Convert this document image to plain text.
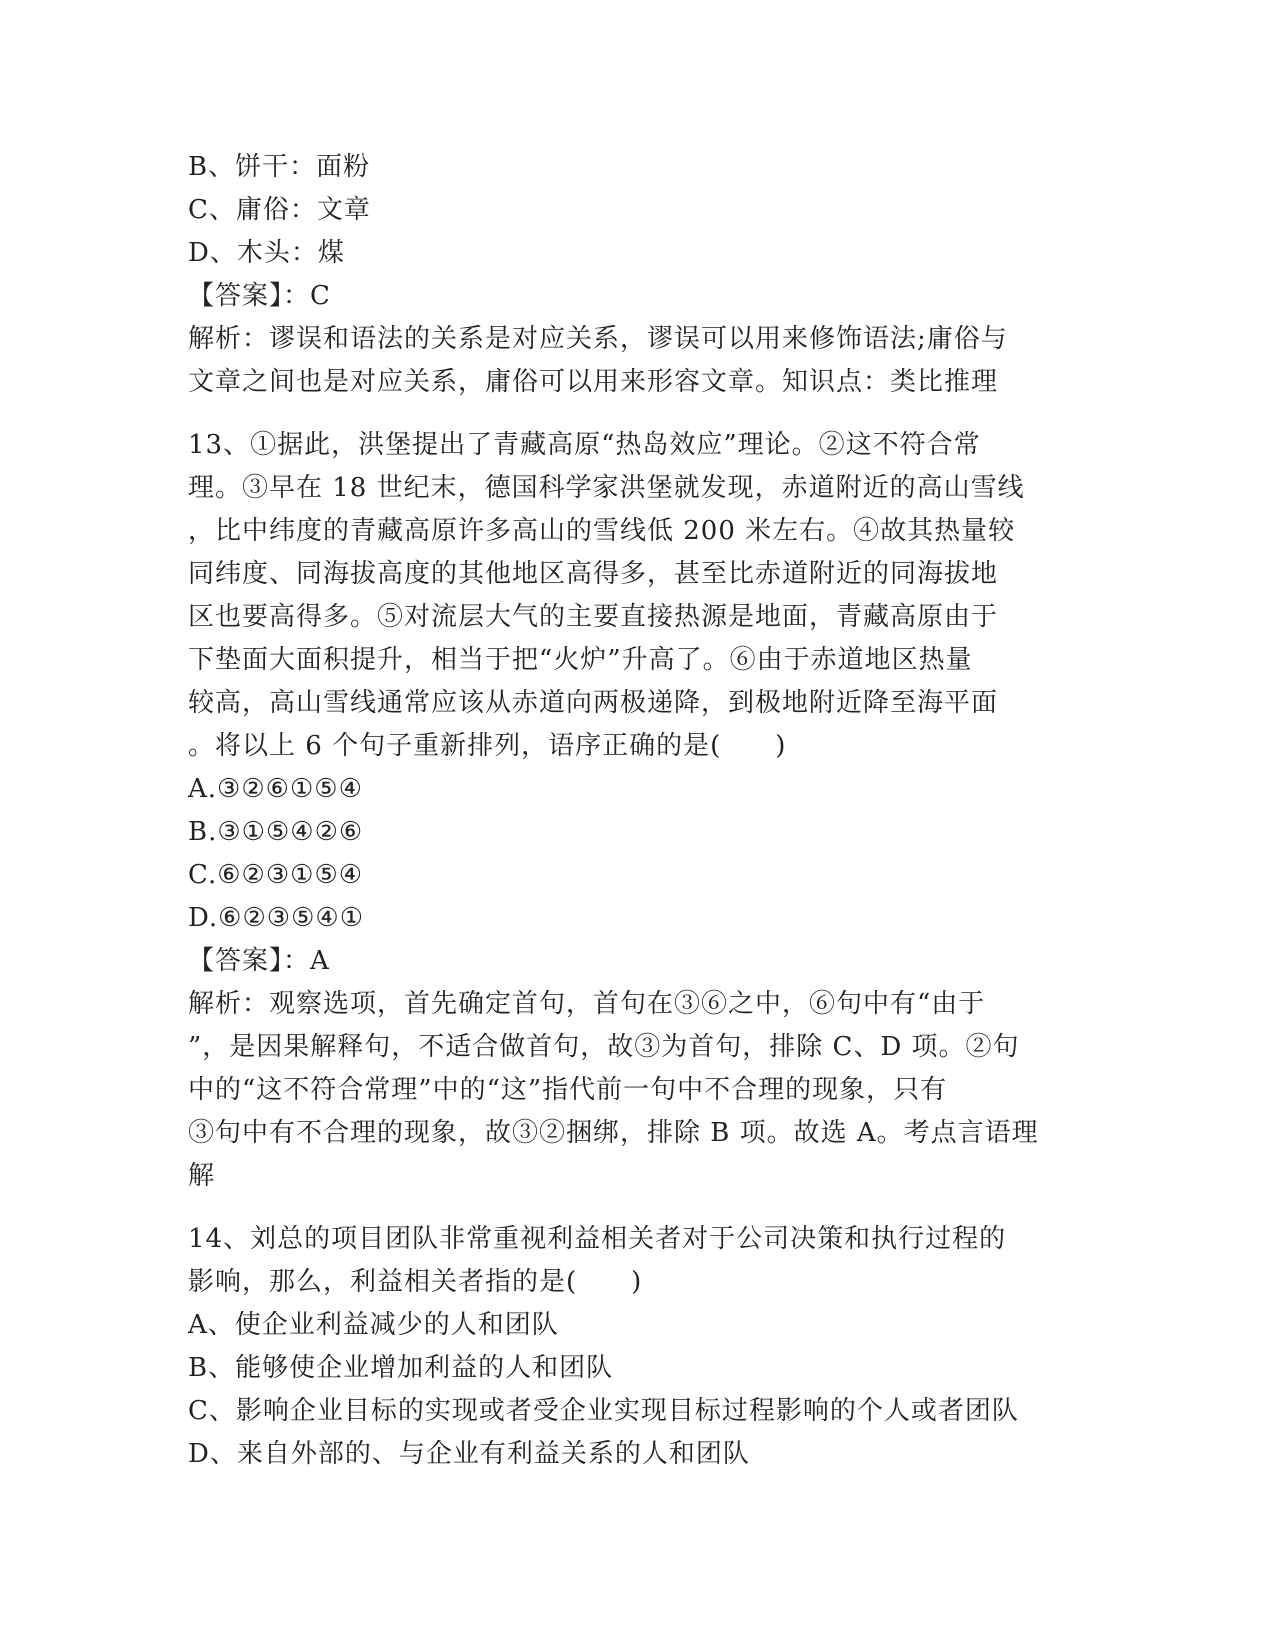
B、饼干：面粉
C、庸俗：文章
D、木头：煤
【答案】：C
解析：谬误和语法的关系是对应关系，谬误可以用来修饰语法;庸俗与
文章之间也是对应关系，庸俗可以用来形容文章。知识点：类比推理
13、①据此，洪堡提出了青藏高原“热岛效应”理论。②这不符合常
理。③早在 18 世纪末，德国科学家洪堡就发现，赤道附近的高山雪线
，比中纬度的青藏高原许多高山的雪线低 200 米左右。④故其热量较
同纬度、同海拔高度的其他地区高得多，甚至比赤道附近的同海拔地
区也要高得多。⑤对流层大气的主要直接热源是地面，青藏高原由于
下垫面大面积提升，相当于把“火炉”升高了。⑥由于赤道地区热量
较高，高山雪线通常应该从赤道向两极递降，到极地附近降至海平面
。将以上 6 个句子重新排列，语序正确的是(　　)
A.③②⑥①⑤④
B.③①⑤④②⑥
C.⑥②③①⑤④
D.⑥②③⑤④①
【答案】：A
解析：观察选项，首先确定首句，首句在③⑥之中，⑥句中有“由于
”，是因果解释句，不适合做首句，故③为首句，排除 C、D 项。②句
中的“这不符合常理”中的“这”指代前一句中不合理的现象，只有
③句中有不合理的现象，故③②捆绑，排除 B 项。故选 A。考点言语理
解
14、刘总的项目团队非常重视利益相关者对于公司决策和执行过程的
影响，那么，利益相关者指的是(　　)
A、使企业利益减少的人和团队
B、能够使企业增加利益的人和团队
C、影响企业目标的实现或者受企业实现目标过程影响的个人或者团队
D、来自外部的、与企业有利益关系的人和团队
